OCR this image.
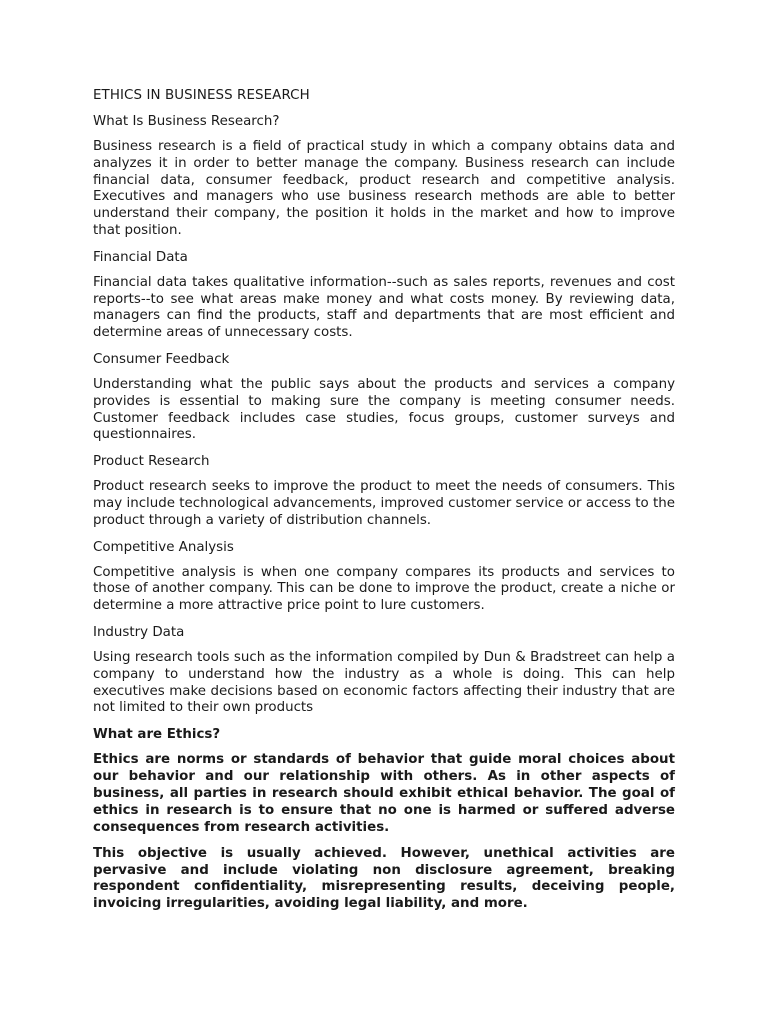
ETHICS IN BUSINESS RESEARCH
What Is Business Research?
Business research is a field of practical study in which a company obtains data and analyzes it in order to better manage the company. Business research can include financial data, consumer feedback, product research and competitive analysis. Executives and managers who use business research methods are able to better understand their company, the position it holds in the market and how to improve that position.
Financial Data
Financial data takes qualitative information--such as sales reports, revenues and cost reports--to see what areas make money and what costs money. By reviewing data, managers can find the products, staff and departments that are most efficient and determine areas of unnecessary costs.
Consumer Feedback
Understanding what the public says about the products and services a company provides is essential to making sure the company is meeting consumer needs. Customer feedback includes case studies, focus groups, customer surveys and questionnaires.
Product Research
Product research seeks to improve the product to meet the needs of consumers. This may include technological advancements, improved customer service or access to the product through a variety of distribution channels.
Competitive Analysis
Competitive analysis is when one company compares its products and services to those of another company. This can be done to improve the product, create a niche or determine a more attractive price point to lure customers.
Industry Data
Using research tools such as the information compiled by Dun & Bradstreet can help a company to understand how the industry as a whole is doing. This can help executives make decisions based on economic factors affecting their industry that are not limited to their own products
What are Ethics?
Ethics are norms or standards of behavior that guide moral choices about our behavior and our relationship with others. As in other aspects of business, all parties in research should exhibit ethical behavior. The goal of ethics in research is to ensure that no one is harmed or suffered adverse consequences from research activities.
This objective is usually achieved. However, unethical activities are pervasive and include violating non disclosure agreement, breaking respondent confidentiality, misrepresenting results, deceiving people, invoicing irregularities, avoiding legal liability, and more.
